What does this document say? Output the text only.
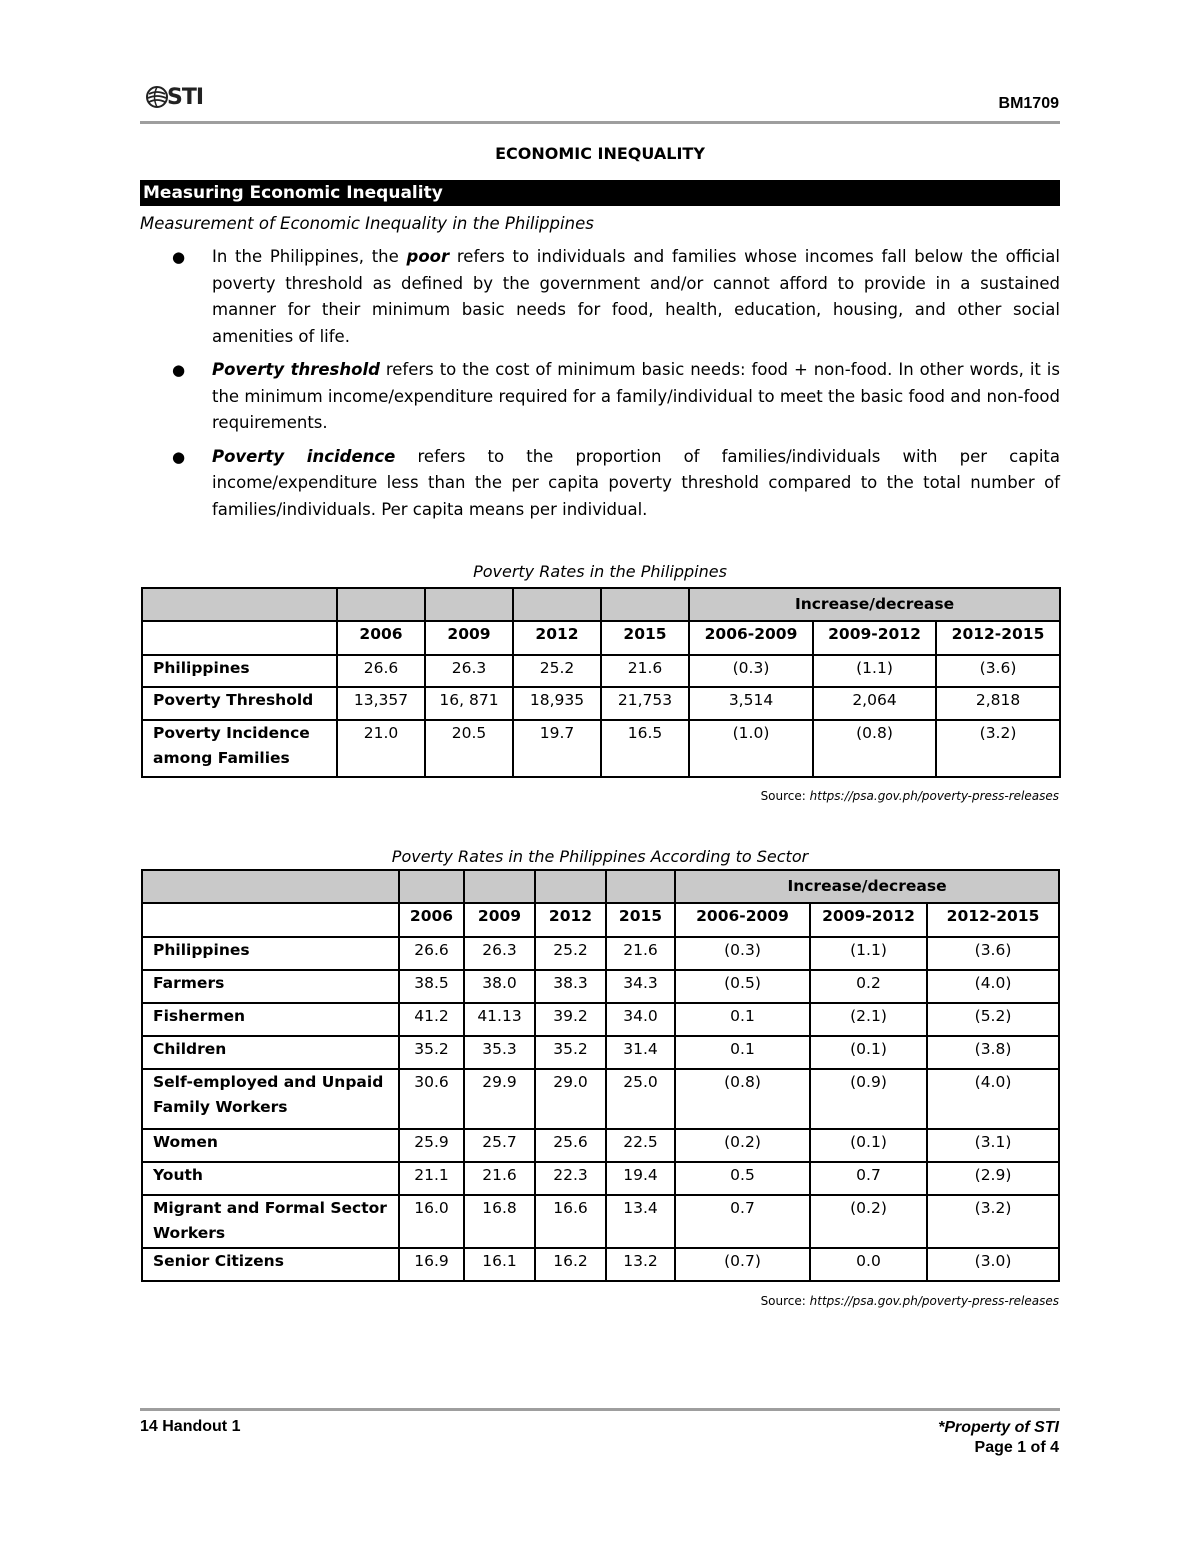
STI	BM1709
ECONOMIC INEQUALITY
Measuring Economic Inequality
Measurement of Economic Inequality in the Philippines
● In the Philippines, the poor refers to individuals and families whose incomes fall below the official poverty threshold as defined by the government and/or cannot afford to provide in a sustained manner for their minimum basic needs for food, health, education, housing, and other social amenities of life.
● Poverty threshold refers to the cost of minimum basic needs: food + non-food. In other words, it is the minimum income/expenditure required for a family/individual to meet the basic food and non-food requirements.
● Poverty incidence refers to the proportion of families/individuals with per capita income/expenditure less than the per capita poverty threshold compared to the total number of families/individuals. Per capita means per individual.
Poverty Rates in the Philippines
					Increase/decrease		
	2006	2009	2012	2015	2006-2009	2009-2012	2012-2015
Philippines	26.6	26.3	25.2	21.6	(0.3)	(1.1)	(3.6)
Poverty Threshold	13,357	16, 871	18,935	21,753	3,514	2,064	2,818
Poverty Incidence among Families	21.0	20.5	19.7	16.5	(1.0)	(0.8)	(3.2)
Source: https://psa.gov.ph/poverty-press-releases
Poverty Rates in the Philippines According to Sector
					Increase/decrease		
	2006	2009	2012	2015	2006-2009	2009-2012	2012-2015
Philippines	26.6	26.3	25.2	21.6	(0.3)	(1.1)	(3.6)
Farmers	38.5	38.0	38.3	34.3	(0.5)	0.2	(4.0)
Fishermen	41.2	41.13	39.2	34.0	0.1	(2.1)	(5.2)
Children	35.2	35.3	35.2	31.4	0.1	(0.1)	(3.8)
Self-employed and Unpaid Family Workers	30.6	29.9	29.0	25.0	(0.8)	(0.9)	(4.0)
Women	25.9	25.7	25.6	22.5	(0.2)	(0.1)	(3.1)
Youth	21.1	21.6	22.3	19.4	0.5	0.7	(2.9)
Migrant and Formal Sector Workers	16.0	16.8	16.6	13.4	0.7	(0.2)	(3.2)
Senior Citizens	16.9	16.1	16.2	13.2	(0.7)	0.0	(3.0)
Source: https://psa.gov.ph/poverty-press-releases
14 Handout 1	*Property of STI
Page 1 of 4
